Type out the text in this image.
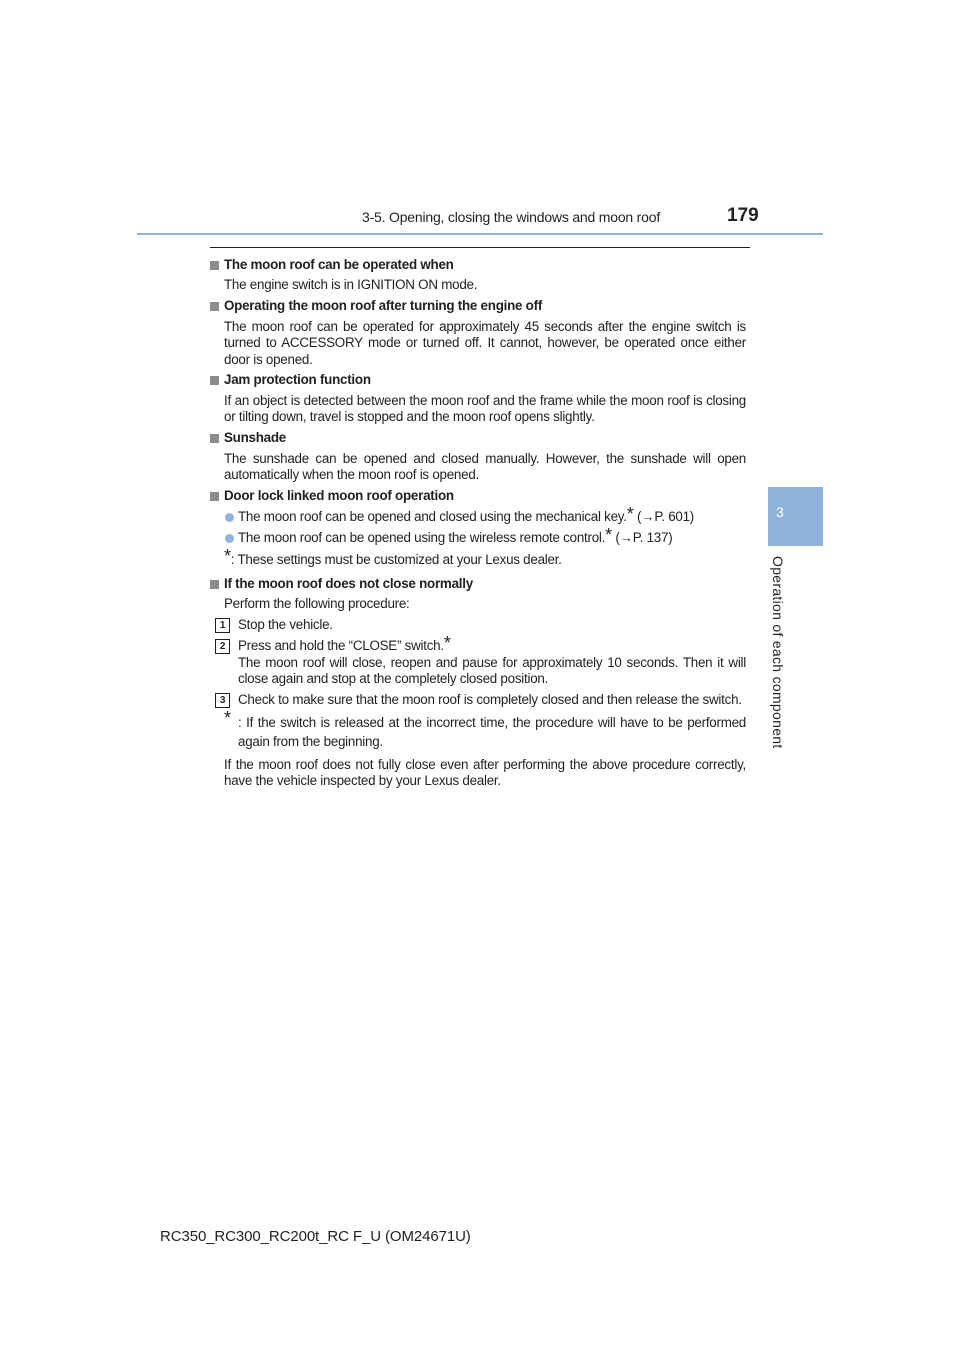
3-5. Opening, closing the windows and moon roof	179
3
Operation of each component
The moon roof can be operated when
The engine switch is in IGNITION ON mode.
Operating the moon roof after turning the engine off
The moon roof can be operated for approximately 45 seconds after the engine switch is turned to ACCESSORY mode or turned off. It cannot, however, be operated once either door is opened.
Jam protection function
If an object is detected between the moon roof and the frame while the moon roof is closing or tilting down, travel is stopped and the moon roof opens slightly.
Sunshade
The sunshade can be opened and closed manually. However, the sunshade will open automatically when the moon roof is opened.
Door lock linked moon roof operation
The moon roof can be opened and closed using the mechanical key.* (→P. 601)
The moon roof can be opened using the wireless remote control.* (→P. 137)
*: These settings must be customized at your Lexus dealer.
If the moon roof does not close normally
Perform the following procedure:
1 Stop the vehicle.
2 Press and hold the “CLOSE” switch.*
The moon roof will close, reopen and pause for approximately 10 seconds. Then it will close again and stop at the completely closed position.
3 Check to make sure that the moon roof is completely closed and then release the switch.
* : If the switch is released at the incorrect time, the procedure will have to be performed again from the beginning.
If the moon roof does not fully close even after performing the above procedure correctly, have the vehicle inspected by your Lexus dealer.
RC350_RC300_RC200t_RC F_U (OM24671U)
